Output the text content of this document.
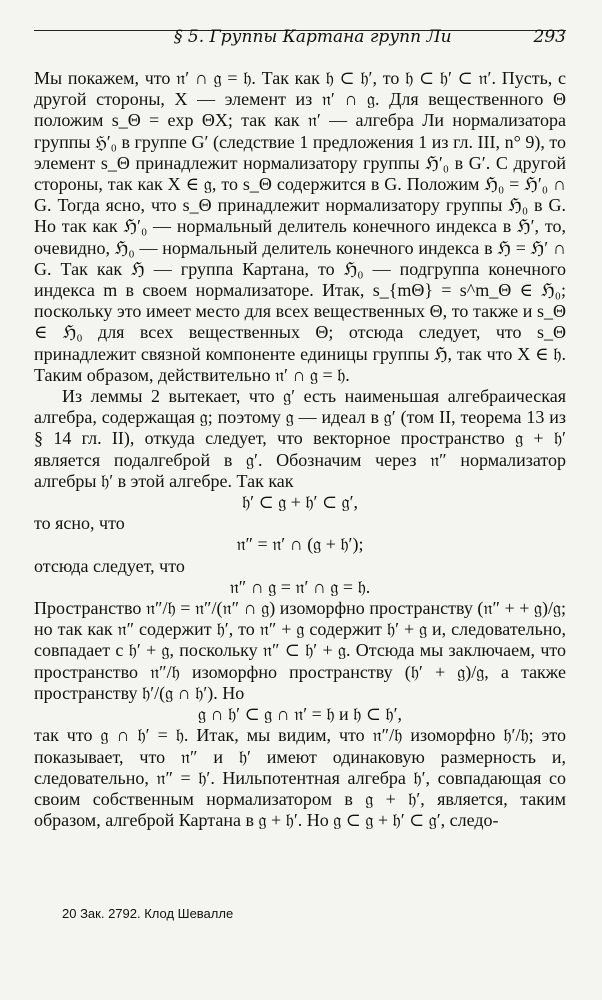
§ 5. Группы Картана групп Ли	293

Мы покажем, что 𝔫′ ∩ 𝔤 = 𝔥. Так как 𝔥 ⊂ 𝔥′, то 𝔥 ⊂ 𝔥′ ⊂ 𝔫′. Пусть, с другой стороны, X — элемент из 𝔫′ ∩ 𝔤. Для вещественного Θ положим s_Θ = exp ΘX; так как 𝔫′ — алгебра Ли нормализатора группы ℌ′₀ в группе G′ (следствие 1 предложения 1 из гл. III, n° 9), то элемент s_Θ принадлежит нормализатору группы ℌ′₀ в G′. С другой стороны, так как X ∈ 𝔤, то s_Θ содержится в G. Положим ℌ₀ = ℌ′₀ ∩ G. Тогда ясно, что s_Θ принадлежит нормализатору группы ℌ₀ в G. Но так как ℌ′₀ — нормальный делитель конечного индекса в ℌ′, то, очевидно, ℌ₀ — нормальный делитель конечного индекса в ℌ = ℌ′ ∩ G. Так как ℌ — группа Картана, то ℌ₀ — подгруппа конечного индекса m в своем нормализаторе. Итак, s_{mΘ} = s^m_Θ ∈ ℌ₀; поскольку это имеет место для всех вещественных Θ, то также и s_Θ ∈ ℌ₀ для всех вещественных Θ; отсюда следует, что s_Θ принадлежит связной компоненте единицы группы ℌ, так что X ∈ 𝔥. Таким образом, действительно 𝔫′ ∩ 𝔤 = 𝔥.

Из леммы 2 вытекает, что 𝔤′ есть наименьшая алгебраическая алгебра, содержащая 𝔤; поэтому 𝔤 — идеал в 𝔤′ (том II, теорема 13 из § 14 гл. II), откуда следует, что векторное пространство 𝔤 + 𝔥′ является подалгеброй в 𝔤′. Обозначим через 𝔫″ нормализатор алгебры 𝔥′ в этой алгебре. Так как

𝔥′ ⊂ 𝔤 + 𝔥′ ⊂ 𝔤′,

то ясно, что

𝔫″ = 𝔫′ ∩ (𝔤 + 𝔥′);

отсюда следует, что

𝔫″ ∩ 𝔤 = 𝔫′ ∩ 𝔤 = 𝔥.

Пространство 𝔫″/𝔥 = 𝔫″/(𝔫″ ∩ 𝔤) изоморфно пространству (𝔫″ + + 𝔤)/𝔤; но так как 𝔫″ содержит 𝔥′, то 𝔫″ + 𝔤 содержит 𝔥′ + 𝔤 и, следовательно, совпадает с 𝔥′ + 𝔤, поскольку 𝔫″ ⊂ 𝔥′ + 𝔤. Отсюда мы заключаем, что пространство 𝔫″/𝔥 изоморфно пространству (𝔥′ + 𝔤)/𝔤, а также пространству 𝔥′/(𝔤 ∩ 𝔥′). Но

𝔤 ∩ 𝔥′ ⊂ 𝔤 ∩ 𝔫′ = 𝔥 и 𝔥 ⊂ 𝔥′,

так что 𝔤 ∩ 𝔥′ = 𝔥. Итак, мы видим, что 𝔫″/𝔥 изоморфно 𝔥′/𝔥; это показывает, что 𝔫″ и 𝔥′ имеют одинаковую размерность и, следовательно, 𝔫″ = 𝔥′. Нильпотентная алгебра 𝔥′, совпадающая со своим собственным нормализатором в 𝔤 + 𝔥′, является, таким образом, алгеброй Картана в 𝔤 + 𝔥′. Но 𝔤 ⊂ 𝔤 + 𝔥′ ⊂ 𝔤′, следо-

20 Зак. 2792. Клод Шевалле
